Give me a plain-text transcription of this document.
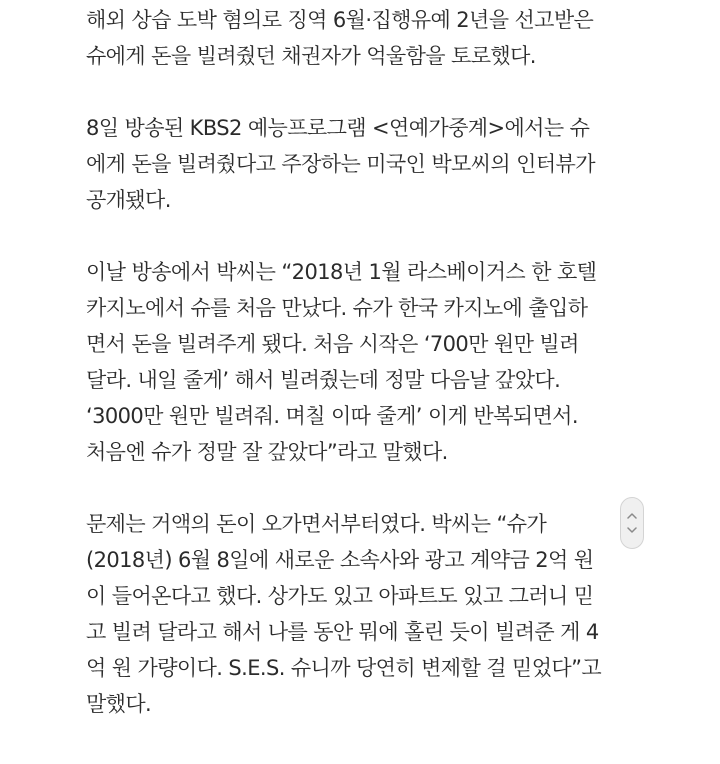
해외 상습 도박 혐의로 징역 6월·집행유예 2년을 선고받은
슈에게 돈을 빌려줬던 채권자가 억울함을 토로했다.
8일 방송된 KBS2 예능프로그램 <연예가중계>에서는 슈
에게 돈을 빌려줬다고 주장하는 미국인 박모씨의 인터뷰가
공개됐다.
이날 방송에서 박씨는 “2018년 1월 라스베이거스 한 호텔
카지노에서 슈를 처음 만났다. 슈가 한국 카지노에 출입하
면서 돈을 빌려주게 됐다. 처음 시작은 ‘700만 원만 빌려
달라. 내일 줄게’ 해서 빌려줬는데 정말 다음날 갚았다.
‘3000만 원만 빌려줘. 며칠 이따 줄게’ 이게 반복되면서.
처음엔 슈가 정말 잘 갚았다”라고 말했다.
문제는 거액의 돈이 오가면서부터였다. 박씨는 “슈가
(2018년) 6월 8일에 새로운 소속사와 광고 계약금 2억 원
이 들어온다고 했다. 상가도 있고 아파트도 있고 그러니 믿
고 빌려 달라고 해서 나를 동안 뭐에 홀린 듯이 빌려준 게 4
억 원 가량이다. S.E.S. 슈니까 당연히 변제할 걸 믿었다”고
말했다.
